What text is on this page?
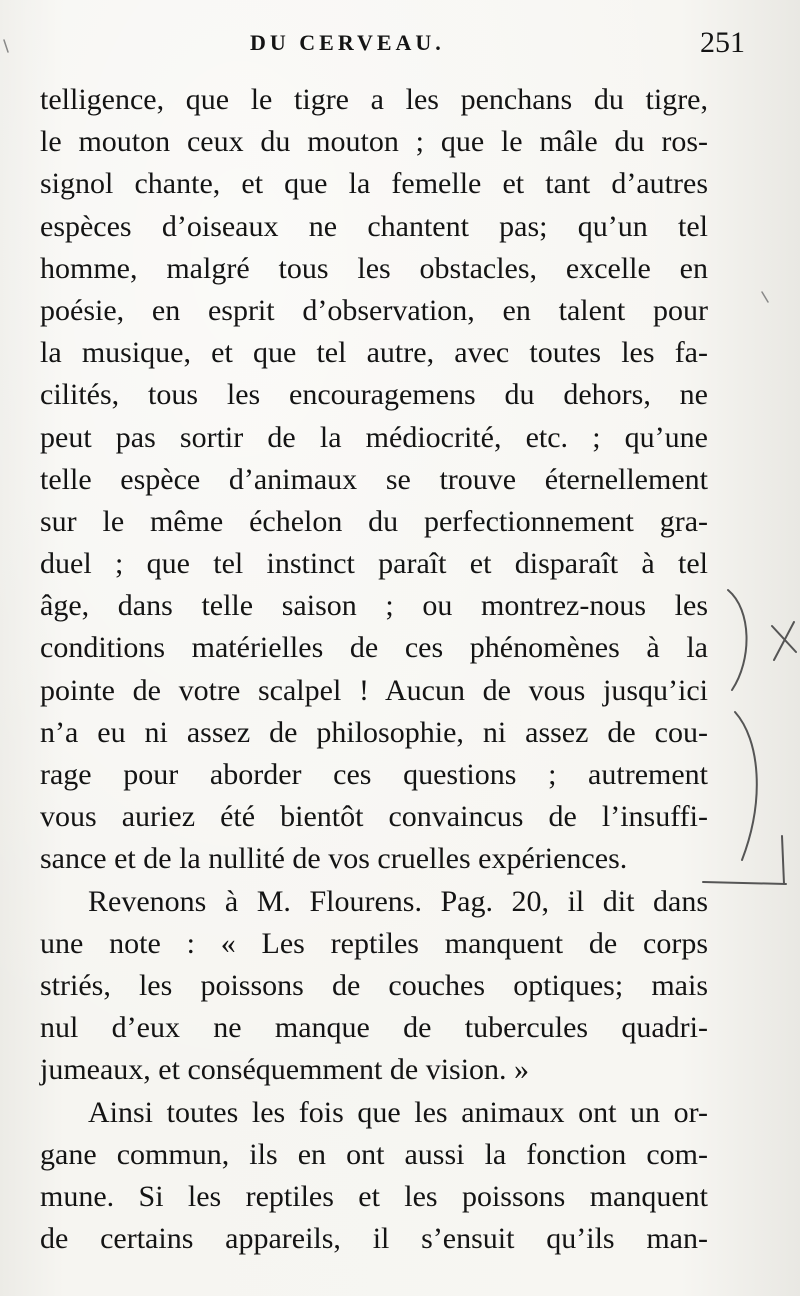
DU CERVEAU.	251
telligence, que le tigre a les penchans du tigre,
le mouton ceux du mouton ; que le mâle du ros-
signol chante, et que la femelle et tant d’autres
espèces d’oiseaux ne chantent pas; qu’un tel
homme, malgré tous les obstacles, excelle en
poésie, en esprit d’observation, en talent pour
la musique, et que tel autre, avec toutes les fa-
cilités, tous les encouragemens du dehors, ne
peut pas sortir de la médiocrité, etc. ; qu’une
telle espèce d’animaux se trouve éternellement
sur le même échelon du perfectionnement gra-
duel ; que tel instinct paraît et disparaît à tel
âge, dans telle saison ; ou montrez-nous les
conditions matérielles de ces phénomènes à la
pointe de votre scalpel ! Aucun de vous jusqu’ici
n’a eu ni assez de philosophie, ni assez de cou-
rage pour aborder ces questions ; autrement
vous auriez été bientôt convaincus de l’insuffi-
sance et de la nullité de vos cruelles expériences.
Revenons à M. Flourens. Pag. 20, il dit dans
une note : « Les reptiles manquent de corps
striés, les poissons de couches optiques; mais
nul d’eux ne manque de tubercules quadri-
jumeaux, et conséquemment de vision. »
Ainsi toutes les fois que les animaux ont un or-
gane commun, ils en ont aussi la fonction com-
mune. Si les reptiles et les poissons manquent
de certains appareils, il s’ensuit qu’ils man-
